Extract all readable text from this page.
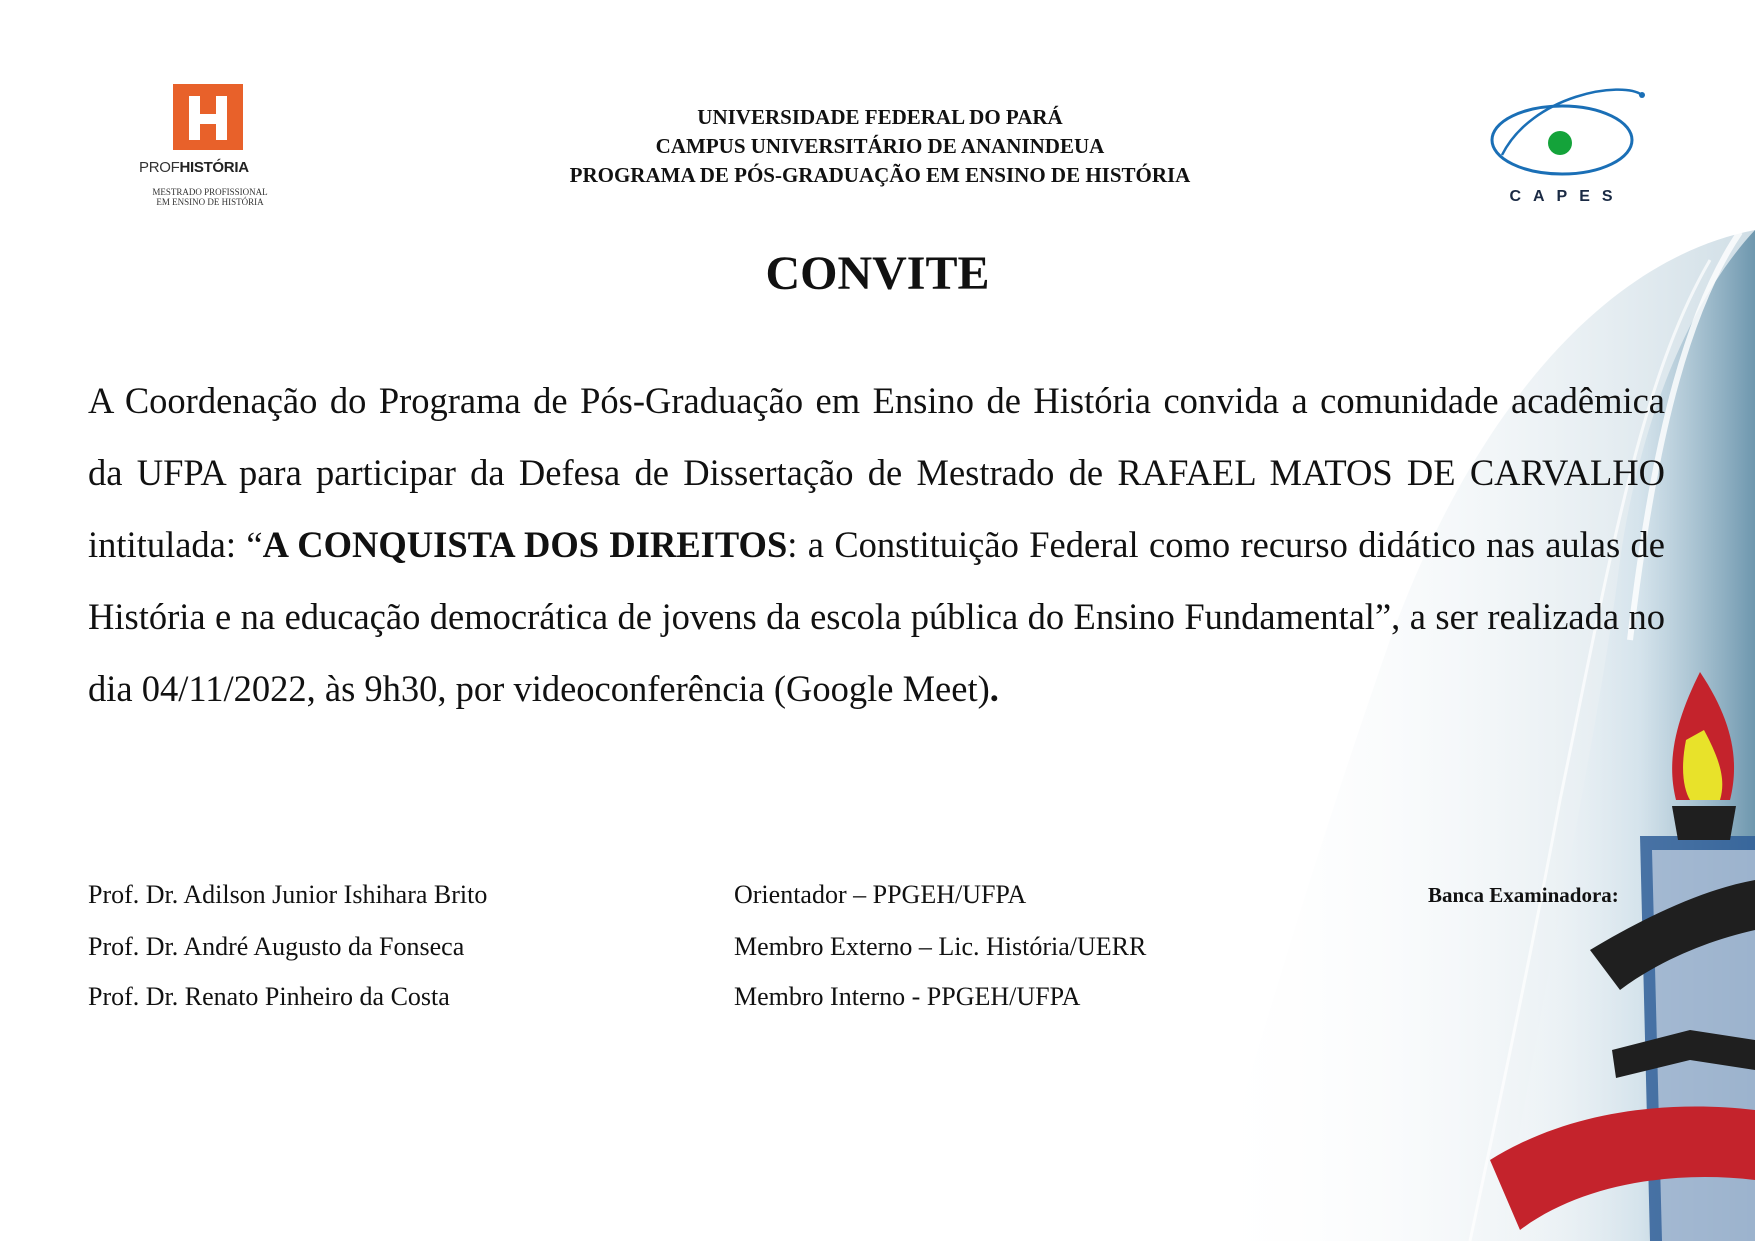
PROFHISTÓRIA
MESTRADO PROFISSIONAL
EM ENSINO DE HISTÓRIA
UNIVERSIDADE FEDERAL DO PARÁ
CAMPUS UNIVERSITÁRIO DE ANANINDEUA
PROGRAMA DE PÓS-GRADUAÇÃO EM ENSINO DE HISTÓRIA
CAPES
CONVITE
A Coordenação do Programa de Pós-Graduação em Ensino de História convida a comunidade acadêmica da UFPA para participar da Defesa de Dissertação de Mestrado de RAFAEL MATOS DE CARVALHO intitulada: “A CONQUISTA DOS DIREITOS: a Constituição Federal como recurso didático nas aulas de História e na educação democrática de jovens da escola pública do Ensino Fundamental”, a ser realizada no dia 04/11/2022, às 9h30, por videoconferência (Google Meet).
Banca Examinadora:
Prof. Dr. Adilson Junior Ishihara Brito	Orientador – PPGEH/UFPA
Prof. Dr. André Augusto da Fonseca	Membro Externo – Lic. História/UERR
Prof. Dr. Renato Pinheiro da Costa	Membro Interno - PPGEH/UFPA
